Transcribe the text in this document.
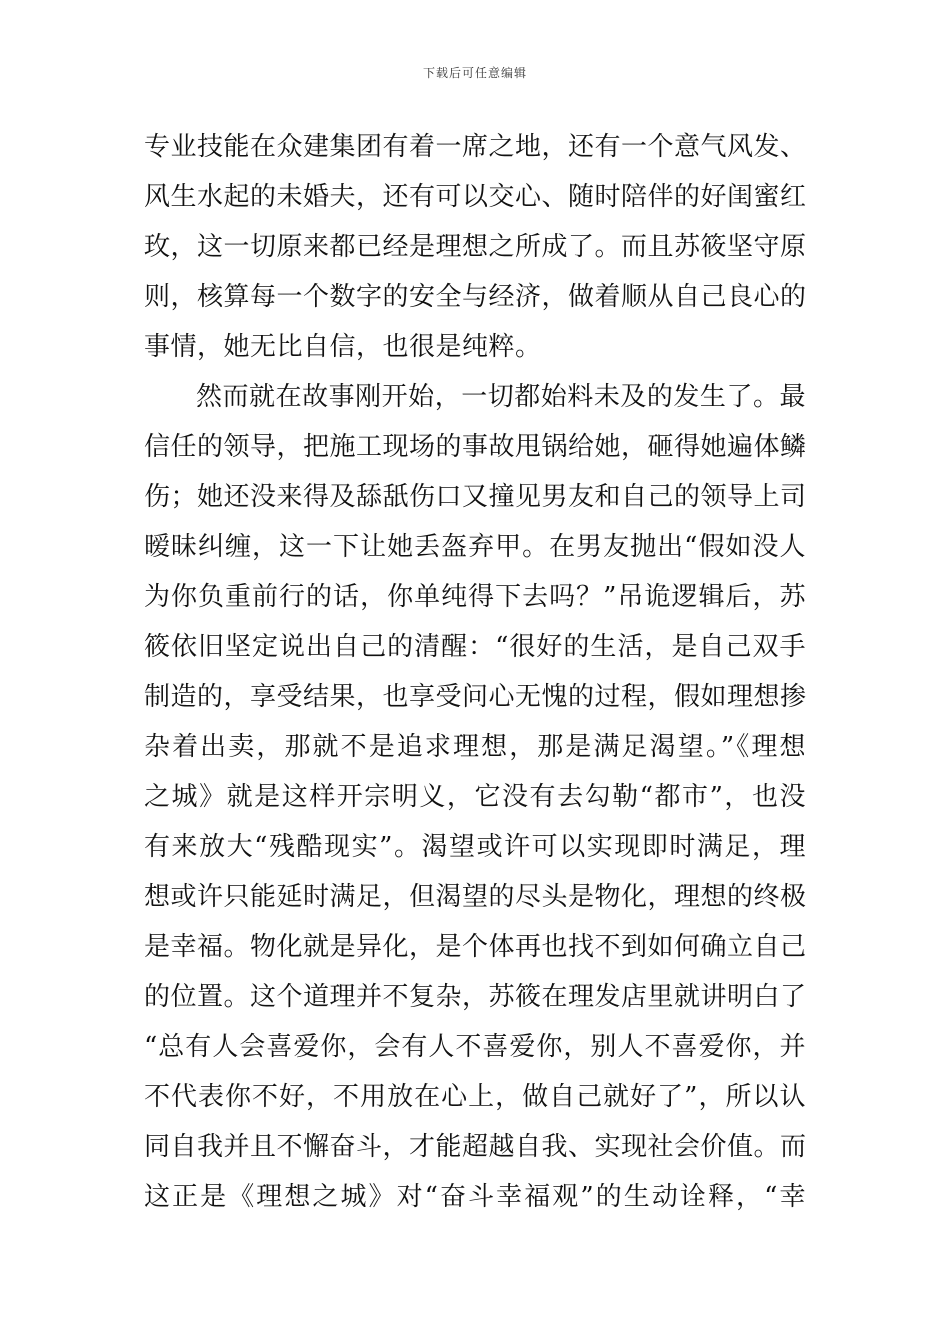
下载后可任意编辑
专业技能在众建集团有着一席之地，还有一个意气风发、
风生水起的未婚夫，还有可以交心、随时陪伴的好闺蜜红
玫，这一切原来都已经是理想之所成了。而且苏筱坚守原
则，核算每一个数字的安全与经济，做着顺从自己良心的
事情，她无比自信，也很是纯粹。
然而就在故事刚开始，一切都始料未及的发生了。最
信任的领导，把施工现场的事故甩锅给她，砸得她遍体鳞
伤；她还没来得及舔舐伤口又撞见男友和自己的领导上司
暧昧纠缠，这一下让她丢盔弃甲。在男友抛出“假如没人
为你负重前行的话，你单纯得下去吗？”吊诡逻辑后，苏
筱依旧坚定说出自己的清醒：“很好的生活，是自己双手
制造的，享受结果，也享受问心无愧的过程，假如理想掺
杂着出卖，那就不是追求理想，那是满足渴望。”《理想
之城》就是这样开宗明义，它没有去勾勒“都市”，也没
有来放大“残酷现实”。渴望或许可以实现即时满足，理
想或许只能延时满足，但渴望的尽头是物化，理想的终极
是幸福。物化就是异化，是个体再也找不到如何确立自己
的位置。这个道理并不复杂，苏筱在理发店里就讲明白了
“总有人会喜爱你，会有人不喜爱你，别人不喜爱你，并
不代表你不好，不用放在心上，做自己就好了”，所以认
同自我并且不懈奋斗，才能超越自我、实现社会价值。而
这正是《理想之城》对“奋斗幸福观”的生动诠释，“幸
